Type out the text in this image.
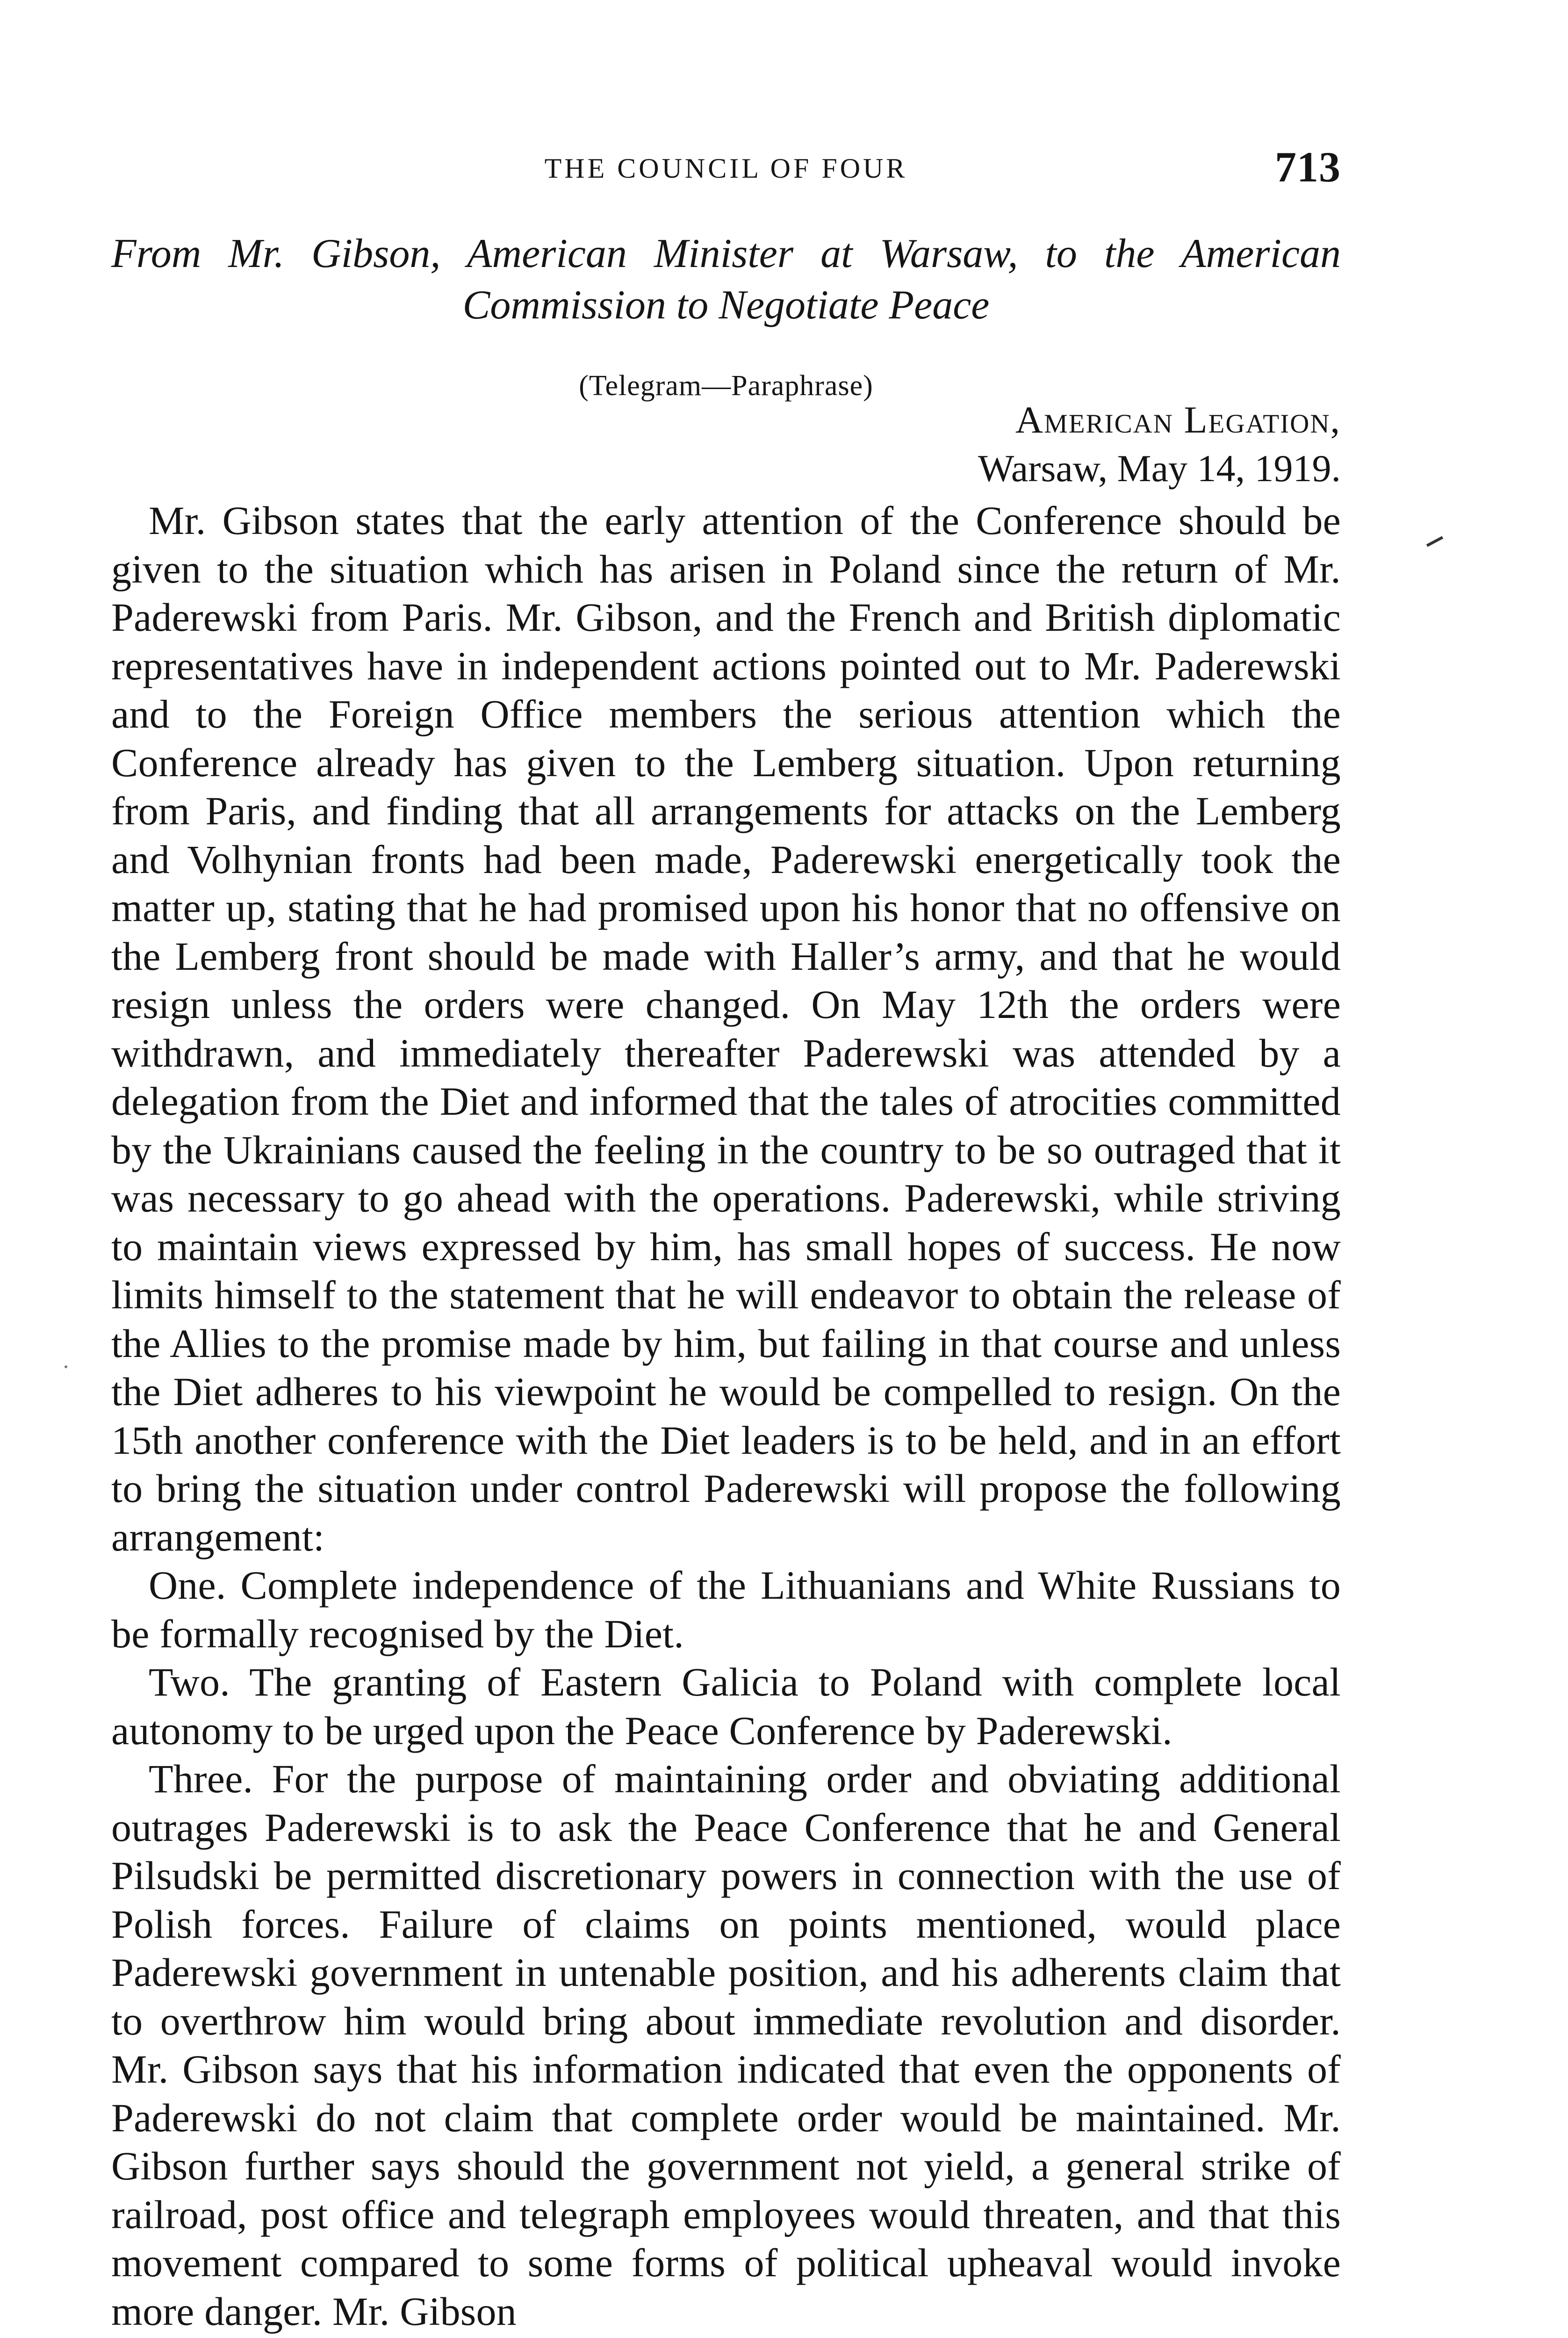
THE COUNCIL OF FOUR	713
From Mr. Gibson, American Minister at Warsaw, to the American
Commission to Negotiate Peace
(Telegram—Paraphrase)
American Legation,
Warsaw, May 14, 1919.

Mr. Gibson states that the early attention of the Conference should be given to the situation which has arisen in Poland since the return of Mr. Paderewski from Paris. Mr. Gibson, and the French and British diplomatic representatives have in independent actions pointed out to Mr. Paderewski and to the Foreign Office members the serious attention which the Conference already has given to the Lemberg situation. Upon returning from Paris, and finding that all arrangements for attacks on the Lemberg and Volhynian fronts had been made, Paderewski energetically took the matter up, stating that he had promised upon his honor that no offensive on the Lemberg front should be made with Haller’s army, and that he would resign unless the orders were changed. On May 12th the orders were withdrawn, and immediately thereafter Paderewski was attended by a delegation from the Diet and informed that the tales of atrocities committed by the Ukrainians caused the feeling in the country to be so outraged that it was necessary to go ahead with the operations. Paderewski, while striving to maintain views expressed by him, has small hopes of success. He now limits himself to the statement that he will endeavor to obtain the release of the Allies to the promise made by him, but failing in that course and unless the Diet adheres to his viewpoint he would be compelled to resign. On the 15th another conference with the Diet leaders is to be held, and in an effort to bring the situation under control Paderewski will propose the following arrangement:

One. Complete independence of the Lithuanians and White Russians to be formally recognised by the Diet.

Two. The granting of Eastern Galicia to Poland with complete local autonomy to be urged upon the Peace Conference by Paderewski.

Three. For the purpose of maintaining order and obviating additional outrages Paderewski is to ask the Peace Conference that he and General Pilsudski be permitted discretionary powers in connection with the use of Polish forces. Failure of claims on points mentioned, would place Paderewski government in untenable position, and his adherents claim that to overthrow him would bring about immediate revolution and disorder. Mr. Gibson says that his information indicated that even the opponents of Paderewski do not claim that complete order would be maintained. Mr. Gibson further says should the government not yield, a general strike of railroad, post office and telegraph employees would threaten, and that this movement compared to some forms of political upheaval would invoke more danger. Mr. Gibson
